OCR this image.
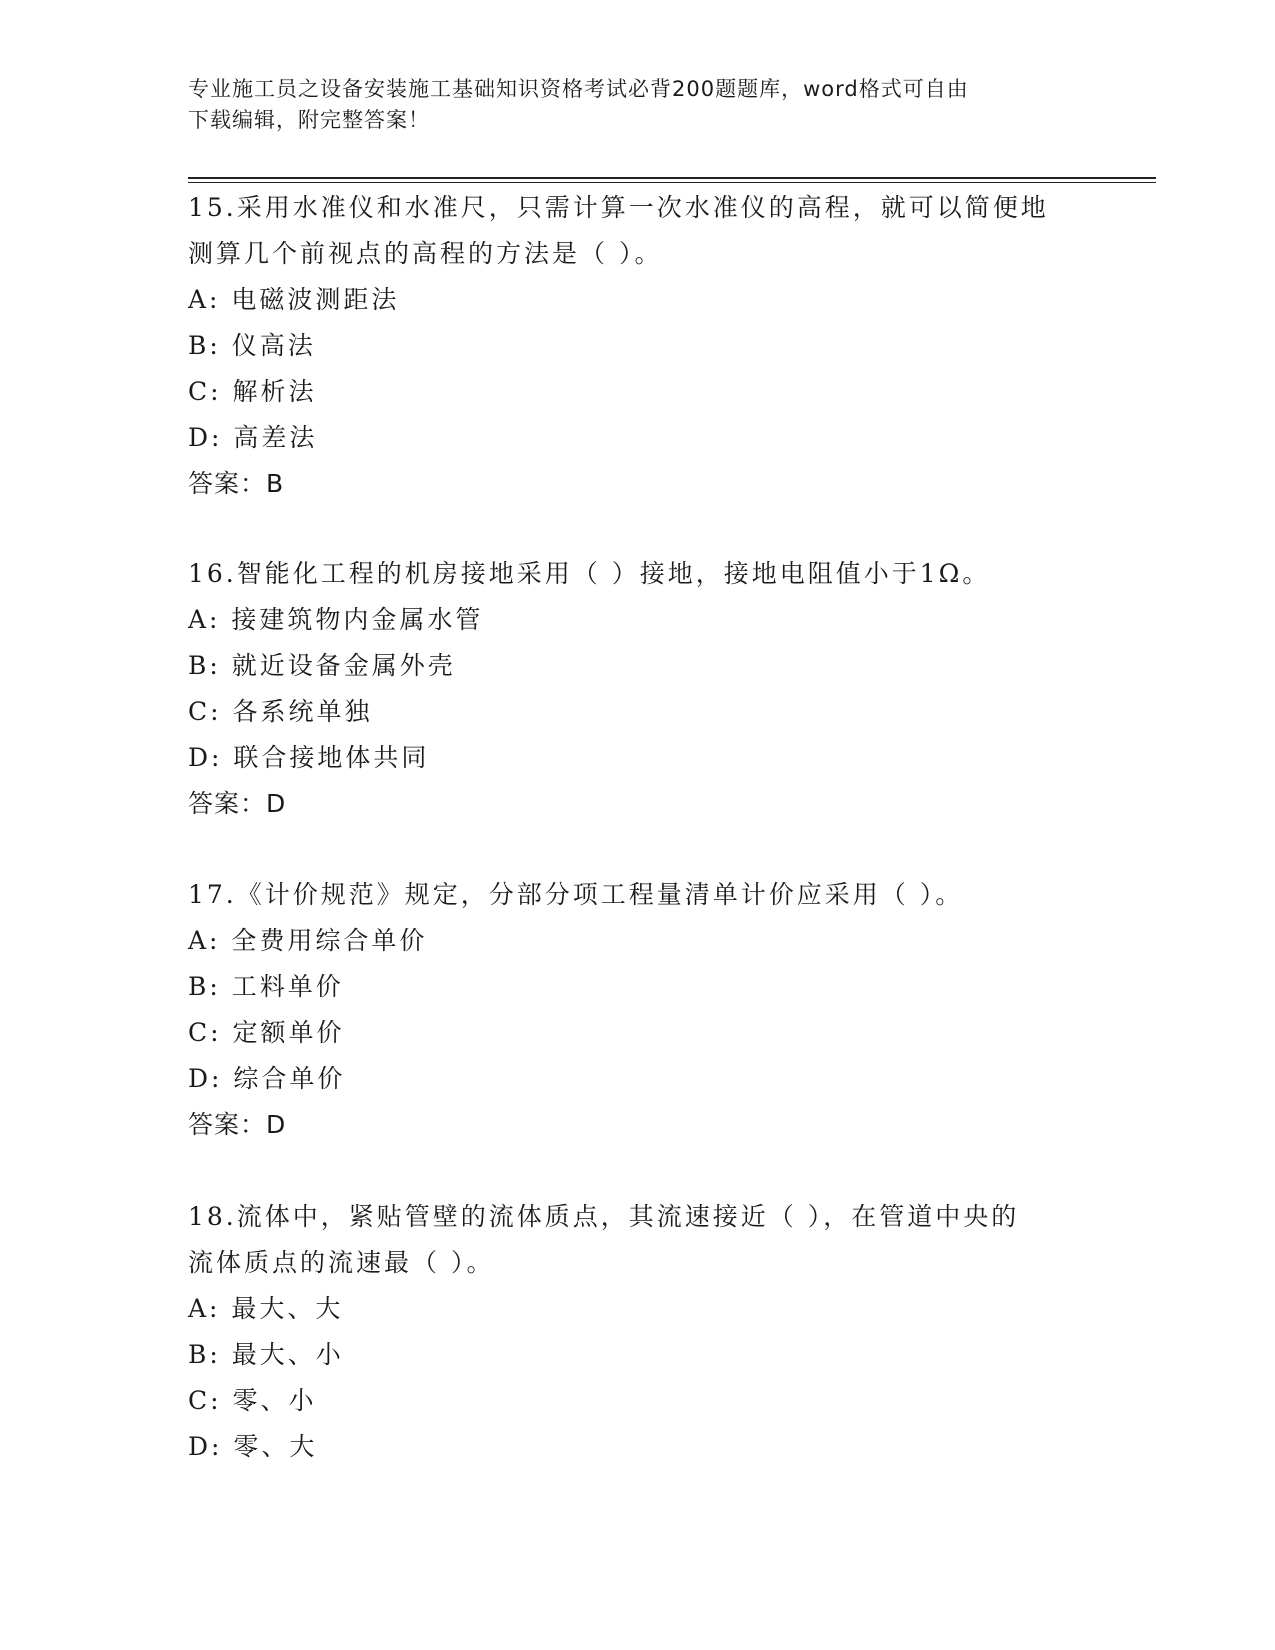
专业施工员之设备安装施工基础知识资格考试必背200题题库，word格式可自由
下载编辑，附完整答案！
15.采用水准仪和水准尺，只需计算一次水准仪的高程，就可以简便地
测算几个前视点的高程的方法是（ ）。
A: 电磁波测距法
B: 仪高法
C: 解析法
D: 高差法
答案：B
16.智能化工程的机房接地采用（ ）接地，接地电阻值小于1Ω。
A: 接建筑物内金属水管
B: 就近设备金属外壳
C: 各系统单独
D: 联合接地体共同
答案：D
17.《计价规范》规定，分部分项工程量清单计价应采用（ ）。
A: 全费用综合单价
B: 工料单价
C: 定额单价
D: 综合单价
答案：D
18.流体中，紧贴管壁的流体质点，其流速接近（ ），在管道中央的
流体质点的流速最（ ）。
A: 最大、大
B: 最大、小
C: 零、小
D: 零、大
